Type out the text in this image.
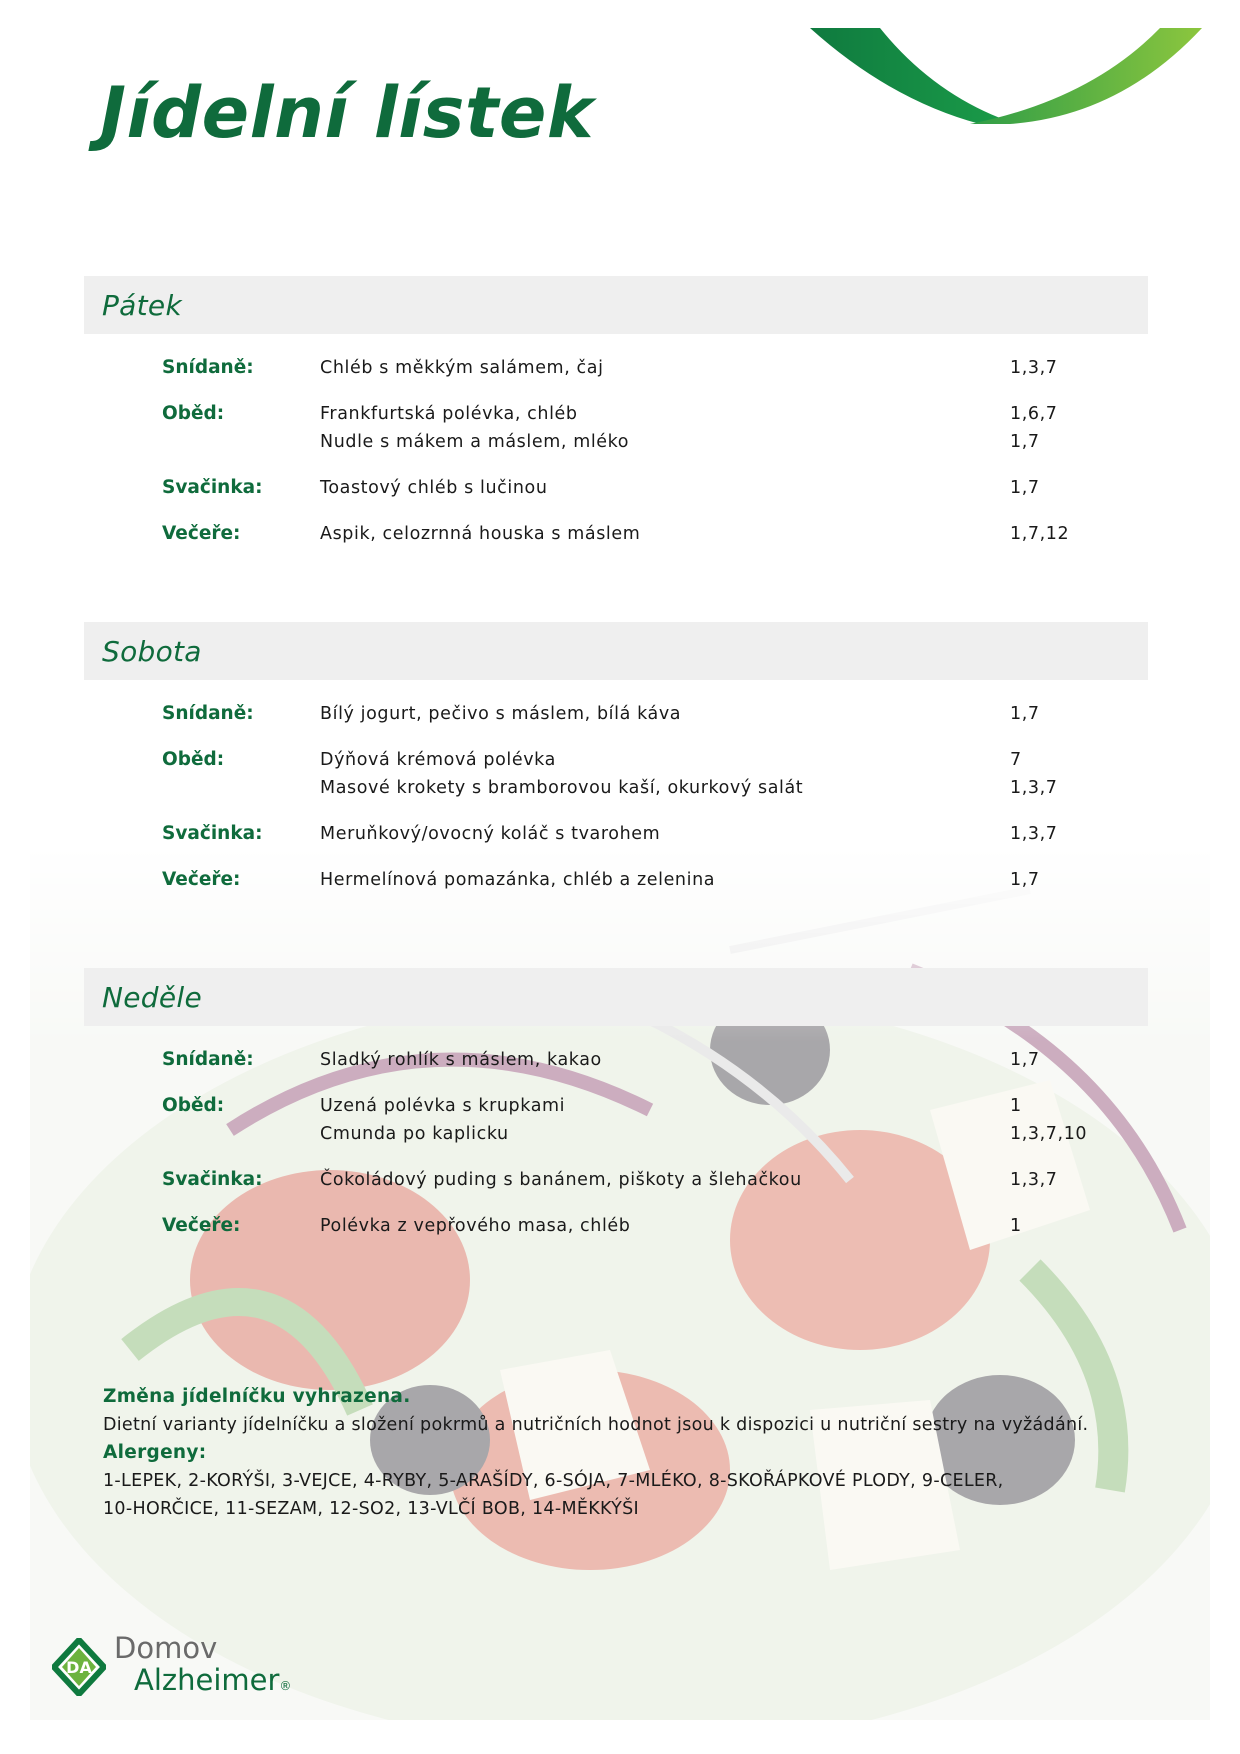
Jídelní lístek
Pátek
Snídaně:	Chléb s měkkým salámem, čaj	1,3,7
Oběd:	Frankfurtská polévka, chléb	1,6,7
Nudle s mákem a máslem, mléko	1,7
Svačinka:	Toastový chléb s lučinou	1,7
Večeře:	Aspik, celozrnná houska s máslem	1,7,12
Sobota
Snídaně:	Bílý jogurt, pečivo s máslem, bílá káva	1,7
Oběd:	Dýňová krémová polévka	7
Masové krokety s bramborovou kaší, okurkový salát	1,3,7
Svačinka:	Meruňkový/ovocný koláč s tvarohem	1,3,7
Večeře:	Hermelínová pomazánka, chléb a zelenina	1,7
Neděle
Snídaně:	Sladký rohlík s máslem, kakao	1,7
Oběd:	Uzená polévka s krupkami	1
Cmunda po kaplicku	1,3,7,10
Svačinka:	Čokoládový puding s banánem, piškoty a šlehačkou	1,3,7
Večeře:	Polévka z vepřového masa, chléb	1
Změna jídelníčku vyhrazena.
Dietní varianty jídelníčku a složení pokrmů a nutričních hodnot jsou k dispozici u nutriční sestry na vyžádání.
Alergeny:
1-LEPEK, 2-KORÝŠI, 3-VEJCE, 4-RYBY, 5-ARAŠÍDY, 6-SÓJA, 7-MLÉKO, 8-SKOŘÁPKOVÉ PLODY, 9-CELER,
10-HORČICE, 11-SEZAM, 12-SO2, 13-VLČÍ BOB, 14-MĚKKÝŠI
DA
Domov
Alzheimer®
